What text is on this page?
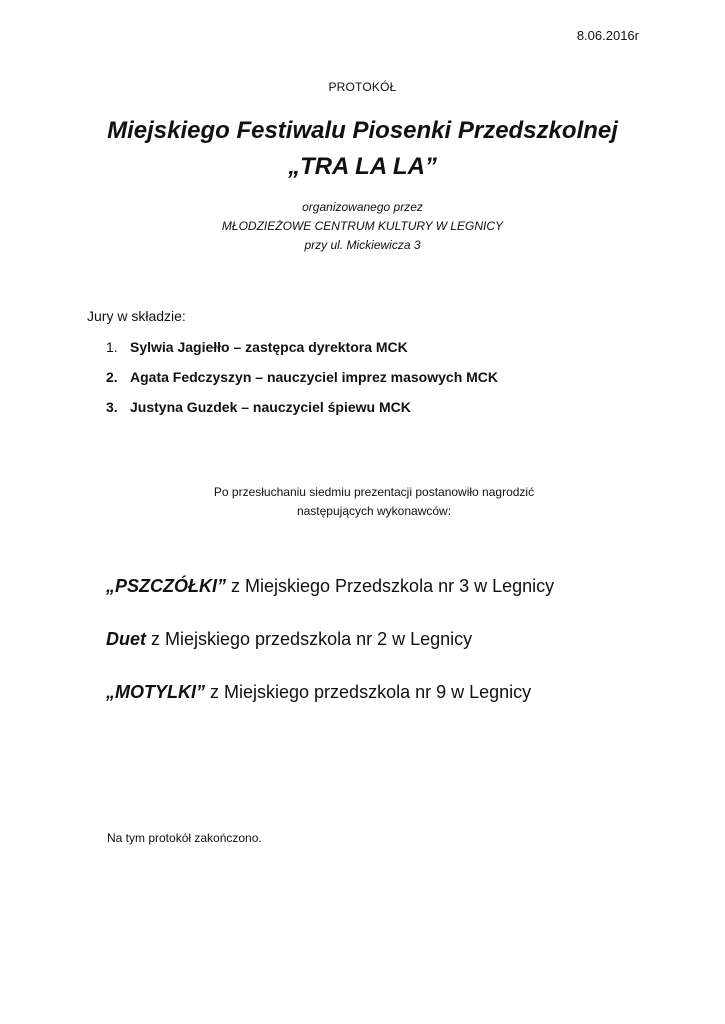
8.06.2016r
PROTOKÓŁ
Miejskiego Festiwalu Piosenki Przedszkolnej
„TRA LA LA”
organizowanego przez
MŁODZIEŻOWE CENTRUM KULTURY W LEGNICY
przy ul. Mickiewicza 3
Jury w składzie:
1. Sylwia Jagiełło – zastępca dyrektora MCK
2. Agata Fedczyszyn – nauczyciel imprez masowych MCK
3. Justyna Guzdek – nauczyciel śpiewu MCK
Po przesłuchaniu siedmiu prezentacji postanowiło nagrodzić
następujących wykonawców:
„PSZCZÓŁKI” z Miejskiego Przedszkola nr 3 w Legnicy
Duet z Miejskiego przedszkola nr 2 w Legnicy
„MOTYLKI” z Miejskiego przedszkola nr 9 w Legnicy
Na tym protokół zakończono.
